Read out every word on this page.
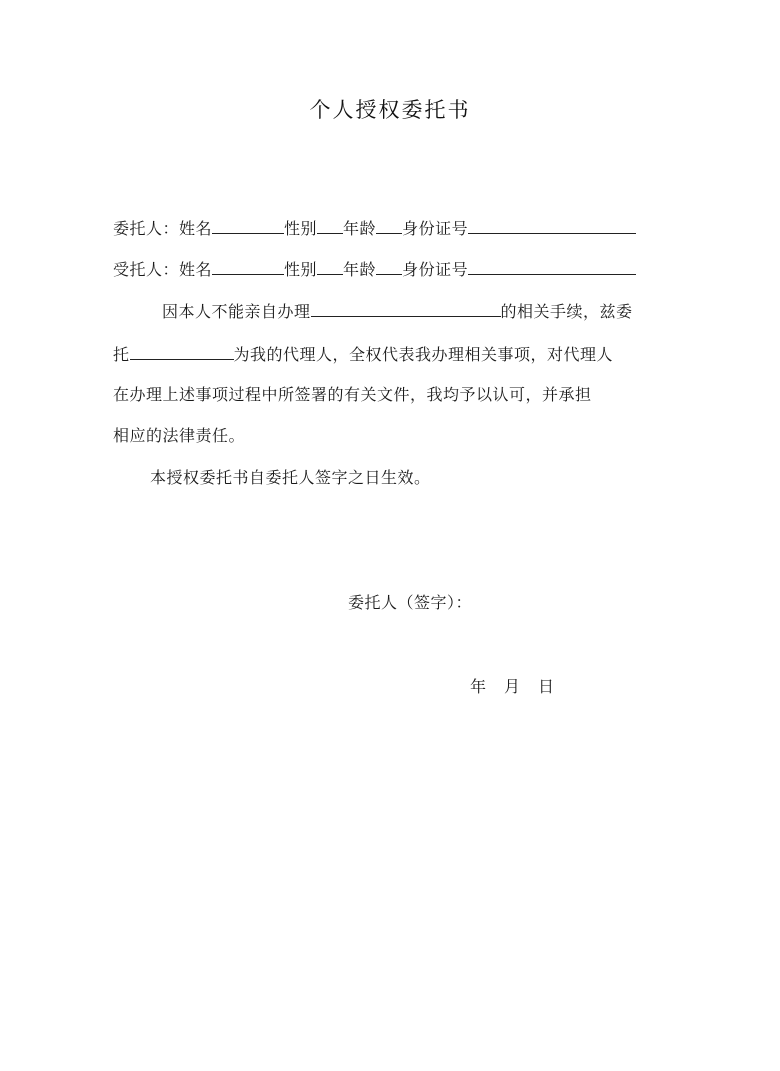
个人授权委托书
委托人：姓名	性别 年龄 身份证号
受托人：姓名	性别 年龄 身份证号
因本人不能亲自办理	的相关手续，兹委
托	为我的代理人，全权代表我办理相关事项，对代理人
在办理上述事项过程中所签署的有关文件，我均予以认可，并承担
相应的法律责任。
本授权委托书自委托人签字之日生效。
委托人（签字）：
年 月 日
